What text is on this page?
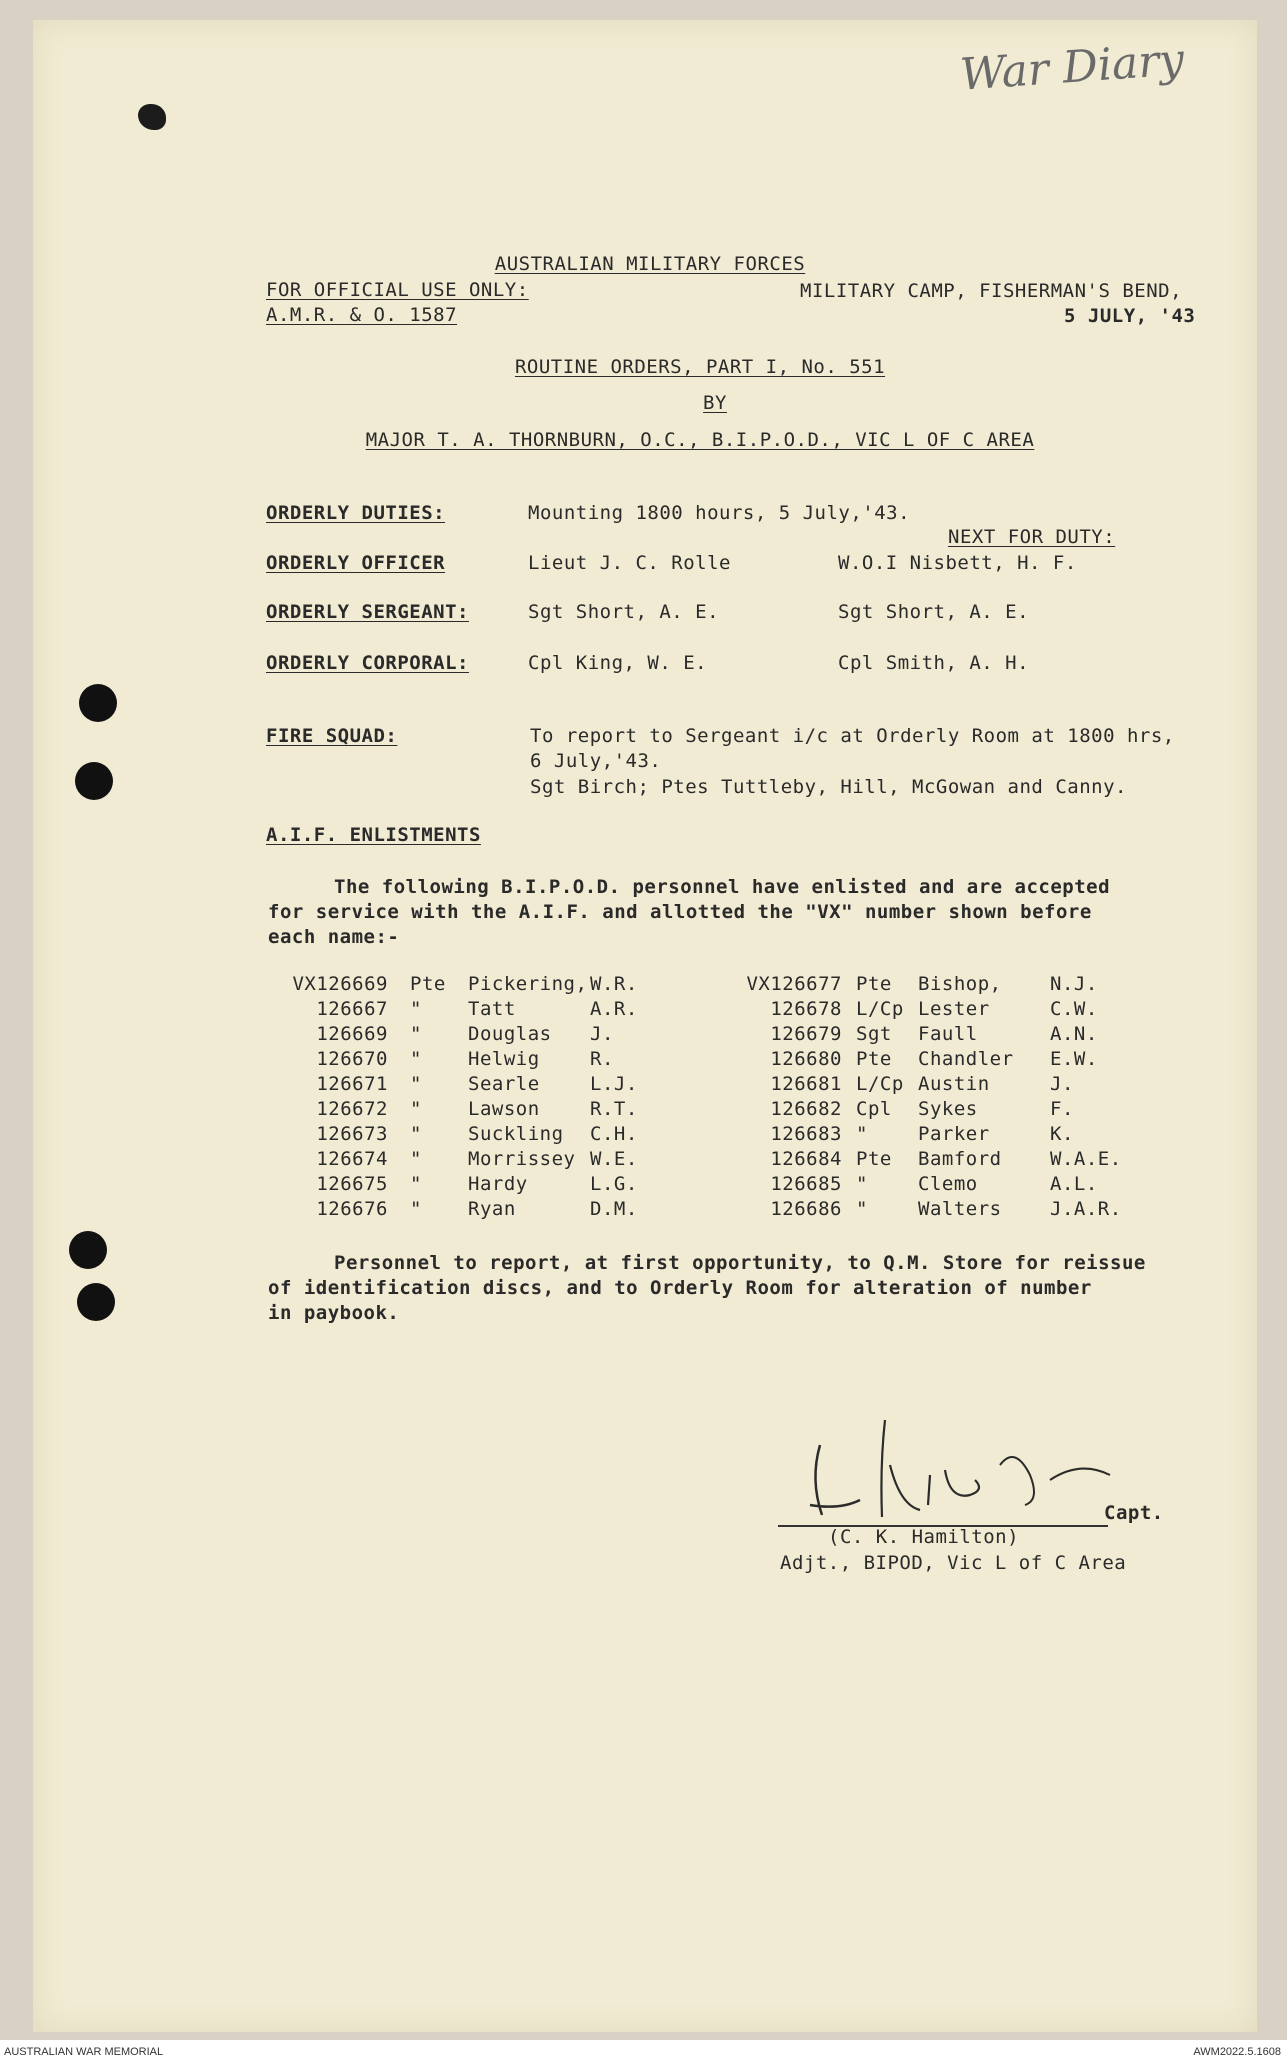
War Diary
AUSTRALIAN MILITARY FORCES
FOR OFFICIAL USE ONLY:
A.M.R. & O. 1587
MILITARY CAMP, FISHERMAN'S BEND,
5 JULY, '43
ROUTINE ORDERS, PART I, No. 551
BY
MAJOR T. A. THORNBURN, O.C., B.I.P.O.D., VIC L OF C AREA
ORDERLY DUTIES:	Mounting 1800 hours, 5 July,'43.
NEXT FOR DUTY:
ORDERLY OFFICER	Lieut J. C. Rolle	W.O.I Nisbett, H. F.
ORDERLY SERGEANT:	Sgt Short, A. E.	Sgt Short, A. E.
ORDERLY CORPORAL:	Cpl King, W. E.	Cpl Smith, A. H.
FIRE SQUAD:	To report to Sergeant i/c at Orderly Room at 1800 hrs,
6 July,'43.
Sgt Birch; Ptes Tuttleby, Hill, McGowan and Canny.
A.I.F. ENLISTMENTS
The following B.I.P.O.D. personnel have enlisted and are accepted
for service with the A.I.F. and allotted the "VX" number shown before
each name:-
VX126669	Pte	Pickering,	W.R.	VX126677	Pte	Bishop,	N.J.
126667	"	Tatt	A.R.	126678	L/Cp	Lester	C.W.
126669	"	Douglas	J.	126679	Sgt	Faull	A.N.
126670	"	Helwig	R.	126680	Pte	Chandler	E.W.
126671	"	Searle	L.J.	126681	L/Cp	Austin	J.
126672	"	Lawson	R.T.	126682	Cpl	Sykes	F.
126673	"	Suckling	C.H.	126683	"	Parker	K.
126674	"	Morrissey	W.E.	126684	Pte	Bamford	W.A.E.
126675	"	Hardy	L.G.	126685	"	Clemo	A.L.
126676	"	Ryan	D.M.	126686	"	Walters	J.A.R.
Personnel to report, at first opportunity, to Q.M. Store for reissue
of identification discs, and to Orderly Room for alteration of number
in paybook.
Capt.
(C. K. Hamilton)
Adjt., BIPOD, Vic L of C Area
AUSTRALIAN WAR MEMORIAL	AWM2022.5.1608
